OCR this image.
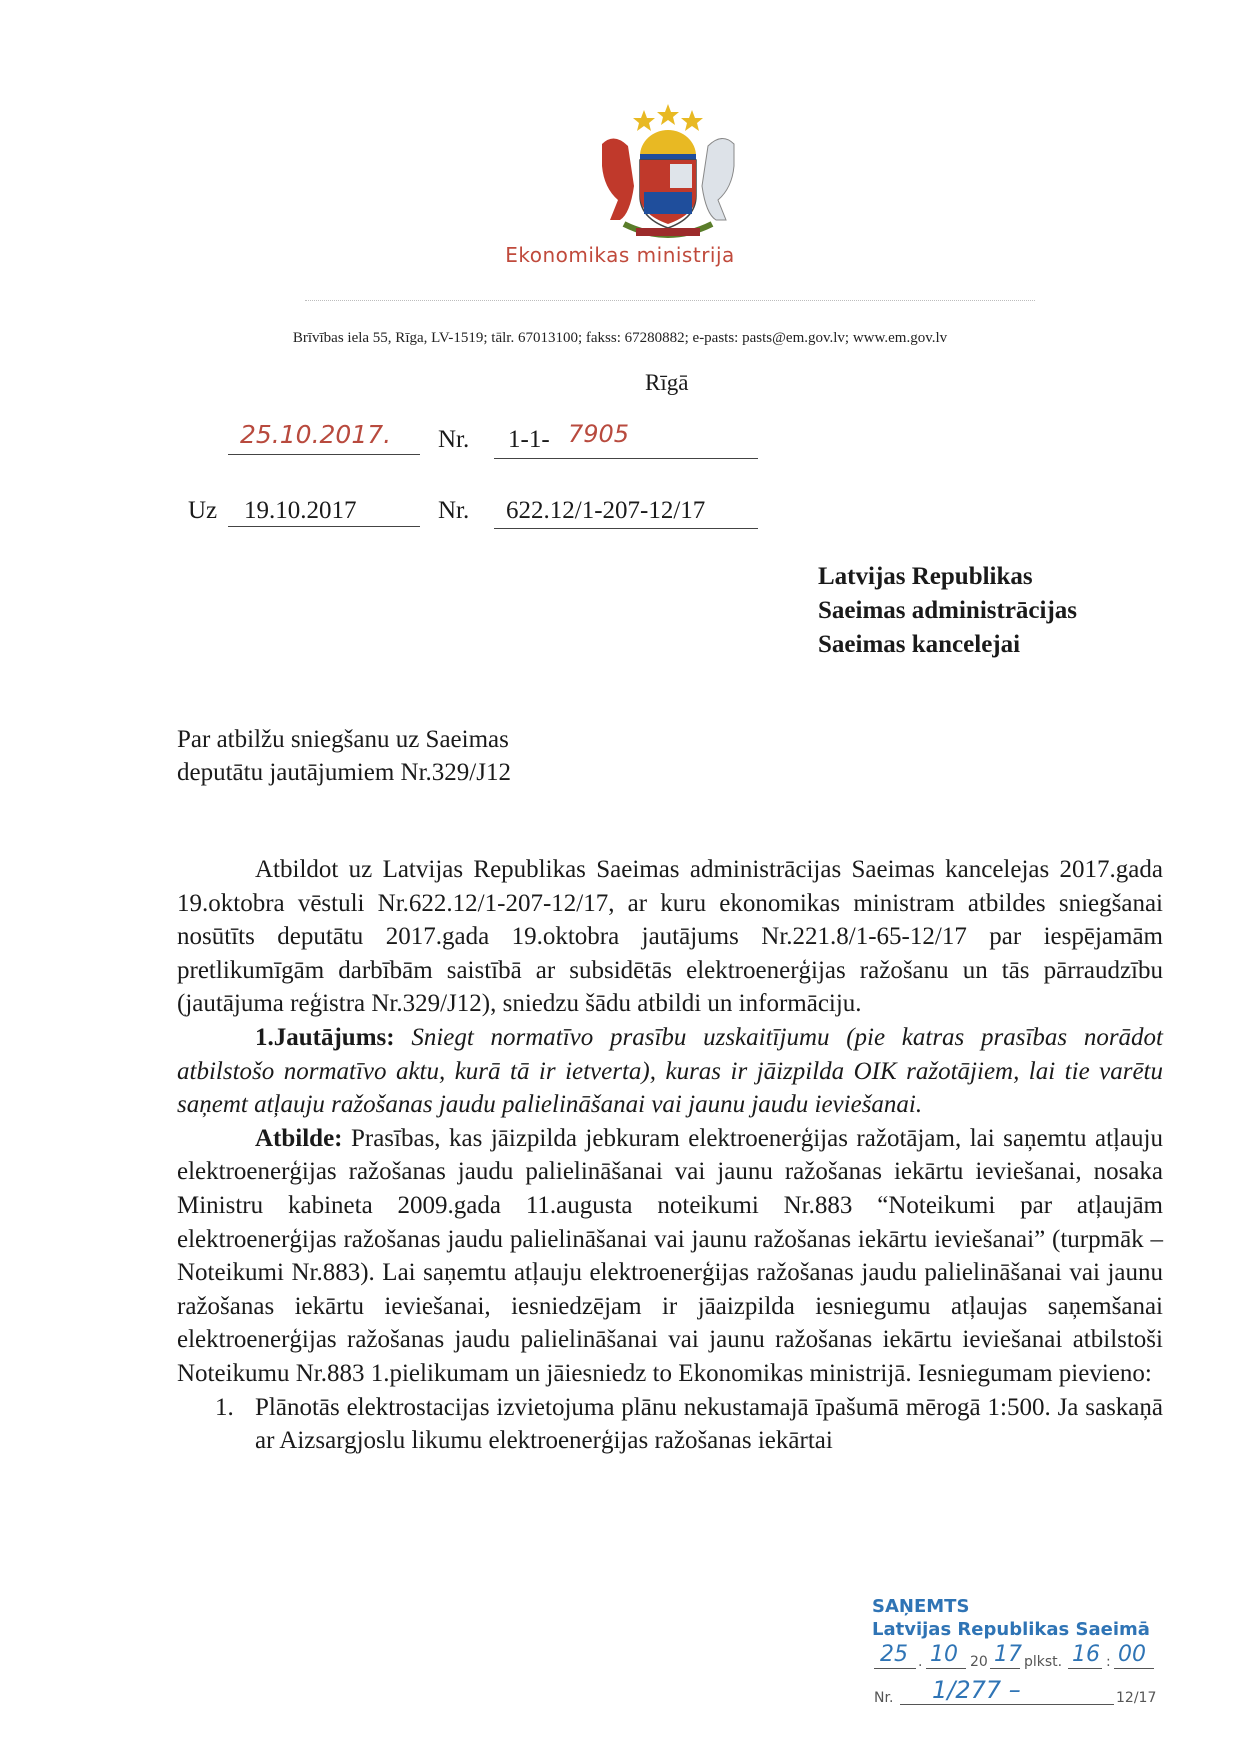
Ekonomikas ministrija
Brīvības iela 55, Rīga, LV-1519; tālr. 67013100; fakss: 67280882; e-pasts: pasts@em.gov.lv; www.em.gov.lv
Rīgā
25.10.2017. Nr. 1-1- 7905
Uz 19.10.2017	Nr. 622.12/1-207-12/17
Latvijas Republikas
Saeimas administrācijas
Saeimas kancelejai
Par atbilžu sniegšanu uz Saeimas
deputātu jautājumiem Nr.329/J12

Atbildot uz Latvijas Republikas Saeimas administrācijas Saeimas kancelejas 2017.gada 19.oktobra vēstuli Nr.622.12/1-207-12/17, ar kuru ekonomikas ministram atbildes sniegšanai nosūtīts deputātu 2017.gada 19.oktobra jautājums Nr.221.8/1-65-12/17 par iespējamām pretlikumīgām darbībām saistībā ar subsidētās elektroenerģijas ražošanu un tās pārraudzību (jautājuma reģistra Nr.329/J12), sniedzu šādu atbildi un informāciju.

1.Jautājums: Sniegt normatīvo prasību uzskaitījumu (pie katras prasības norādot atbilstošo normatīvo aktu, kurā tā ir ietverta), kuras ir jāizpilda OIK ražotājiem, lai tie varētu saņemt atļauju ražošanas jaudu palielināšanai vai jaunu jaudu ieviešanai.

Atbilde: Prasības, kas jāizpilda jebkuram elektroenerģijas ražotājam, lai saņemtu atļauju elektroenerģijas ražošanas jaudu palielināšanai vai jaunu ražošanas iekārtu ieviešanai, nosaka Ministru kabineta 2009.gada 11.augusta noteikumi Nr.883 “Noteikumi par atļaujām elektroenerģijas ražošanas jaudu palielināšanai vai jaunu ražošanas iekārtu ieviešanai” (turpmāk – Noteikumi Nr.883). Lai saņemtu atļauju elektroenerģijas ražošanas jaudu palielināšanai vai jaunu ražošanas iekārtu ieviešanai, iesniedzējam ir jāaizpilda iesniegumu atļaujas saņemšanai elektroenerģijas ražošanas jaudu palielināšanai vai jaunu ražošanas iekārtu ieviešanai atbilstoši Noteikumu Nr.883 1.pielikumam un jāiesniedz to Ekonomikas ministrijā. Iesniegumam pievieno:

1. Plānotās elektrostacijas izvietojuma plānu nekustamajā īpašumā mērogā 1:500. Ja saskaņā ar Aizsargjoslu likumu elektroenerģijas ražošanas iekārtai
SAŅEMTS
Latvijas Republikas Saeimā
25 . 10 20 17 plkst. 16 : 00
Nr. 1/277 –	12/17
